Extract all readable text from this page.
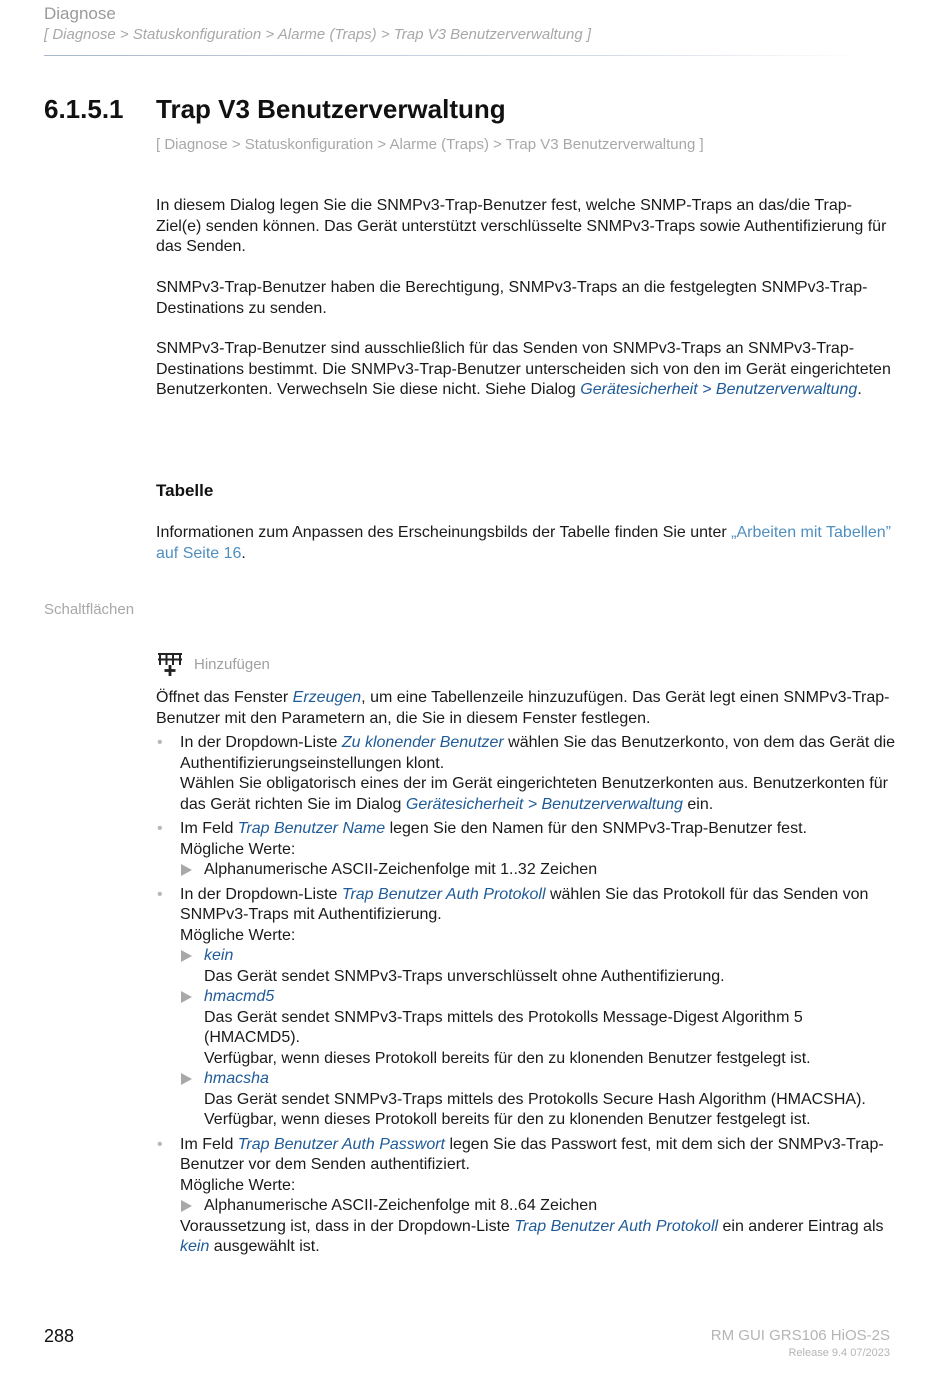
Diagnose
[ Diagnose > Statuskonfiguration > Alarme (Traps) > Trap V3 Benutzerverwaltung ]
6.1.5.1 Trap V3 Benutzerverwaltung
[ Diagnose > Statuskonfiguration > Alarme (Traps) > Trap V3 Benutzerverwaltung ]
In diesem Dialog legen Sie die SNMPv3-Trap-Benutzer fest, welche SNMP-Traps an das/die Trap-Ziel(e) senden können. Das Gerät unterstützt verschlüsselte SNMPv3-Traps sowie Authentifizierung für das Senden.
SNMPv3-Trap-Benutzer haben die Berechtigung, SNMPv3-Traps an die festgelegten SNMPv3-Trap-Destinations zu senden.
SNMPv3-Trap-Benutzer sind ausschließlich für das Senden von SNMPv3-Traps an SNMPv3-Trap-Destinations bestimmt. Die SNMPv3-Trap-Benutzer unterscheiden sich von den im Gerät eingerichteten Benutzerkonten. Verwechseln Sie diese nicht. Siehe Dialog Gerätesicherheit > Benutzerverwaltung.
Tabelle
Informationen zum Anpassen des Erscheinungsbilds der Tabelle finden Sie unter „Arbeiten mit Tabellen” auf Seite 16.
Schaltflächen
Hinzufügen
Öffnet das Fenster Erzeugen, um eine Tabellenzeile hinzuzufügen. Das Gerät legt einen SNMPv3-Trap-Benutzer mit den Parametern an, die Sie in diesem Fenster festlegen.
• In der Dropdown-Liste Zu klonender Benutzer wählen Sie das Benutzerkonto, von dem das Gerät die Authentifizierungseinstellungen klont.
Wählen Sie obligatorisch eines der im Gerät eingerichteten Benutzerkonten aus. Benutzerkonten für das Gerät richten Sie im Dialog Gerätesicherheit > Benutzerverwaltung ein.
• Im Feld Trap Benutzer Name legen Sie den Namen für den SNMPv3-Trap-Benutzer fest.
Mögliche Werte:
Alphanumerische ASCII-Zeichenfolge mit 1..32 Zeichen
• In der Dropdown-Liste Trap Benutzer Auth Protokoll wählen Sie das Protokoll für das Senden von SNMPv3-Traps mit Authentifizierung.
Mögliche Werte:
kein
Das Gerät sendet SNMPv3-Traps unverschlüsselt ohne Authentifizierung.
hmacmd5
Das Gerät sendet SNMPv3-Traps mittels des Protokolls Message-Digest Algorithm 5 (HMACMD5).
Verfügbar, wenn dieses Protokoll bereits für den zu klonenden Benutzer festgelegt ist.
hmacsha
Das Gerät sendet SNMPv3-Traps mittels des Protokolls Secure Hash Algorithm (HMACSHA).
Verfügbar, wenn dieses Protokoll bereits für den zu klonenden Benutzer festgelegt ist.
• Im Feld Trap Benutzer Auth Passwort legen Sie das Passwort fest, mit dem sich der SNMPv3-Trap-Benutzer vor dem Senden authentifiziert.
Mögliche Werte:
Alphanumerische ASCII-Zeichenfolge mit 8..64 Zeichen
Voraussetzung ist, dass in der Dropdown-Liste Trap Benutzer Auth Protokoll ein anderer Eintrag als kein ausgewählt ist.
288	RM GUI GRS106 HiOS-2S
Release 9.4 07/2023
